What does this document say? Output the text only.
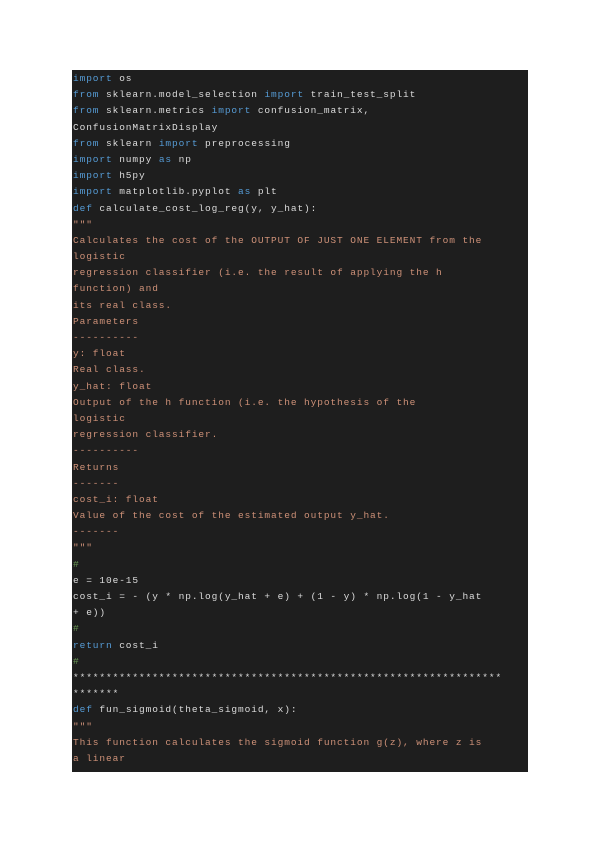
import os
from sklearn.model_selection import train_test_split
from sklearn.metrics import confusion_matrix,
ConfusionMatrixDisplay
from sklearn import preprocessing
import numpy as np
import h5py
import matplotlib.pyplot as plt
def calculate_cost_log_reg(y, y_hat):
"""
Calculates the cost of the OUTPUT OF JUST ONE ELEMENT from the
logistic
regression classifier (i.e. the result of applying the h
function) and
its real class.
Parameters
----------
y: float
Real class.
y_hat: float
Output of the h function (i.e. the hypothesis of the
logistic
regression classifier.
----------
Returns
-------
cost_i: float
Value of the cost of the estimated output y_hat.
-------
"""
#
e = 10e-15
cost_i = - (y * np.log(y_hat + e) + (1 - y) * np.log(1 - y_hat
+ e))
#
return cost_i
#
*****************************************************************
*******
def fun_sigmoid(theta_sigmoid, x):
"""
This function calculates the sigmoid function g(z), where z is
a linear
